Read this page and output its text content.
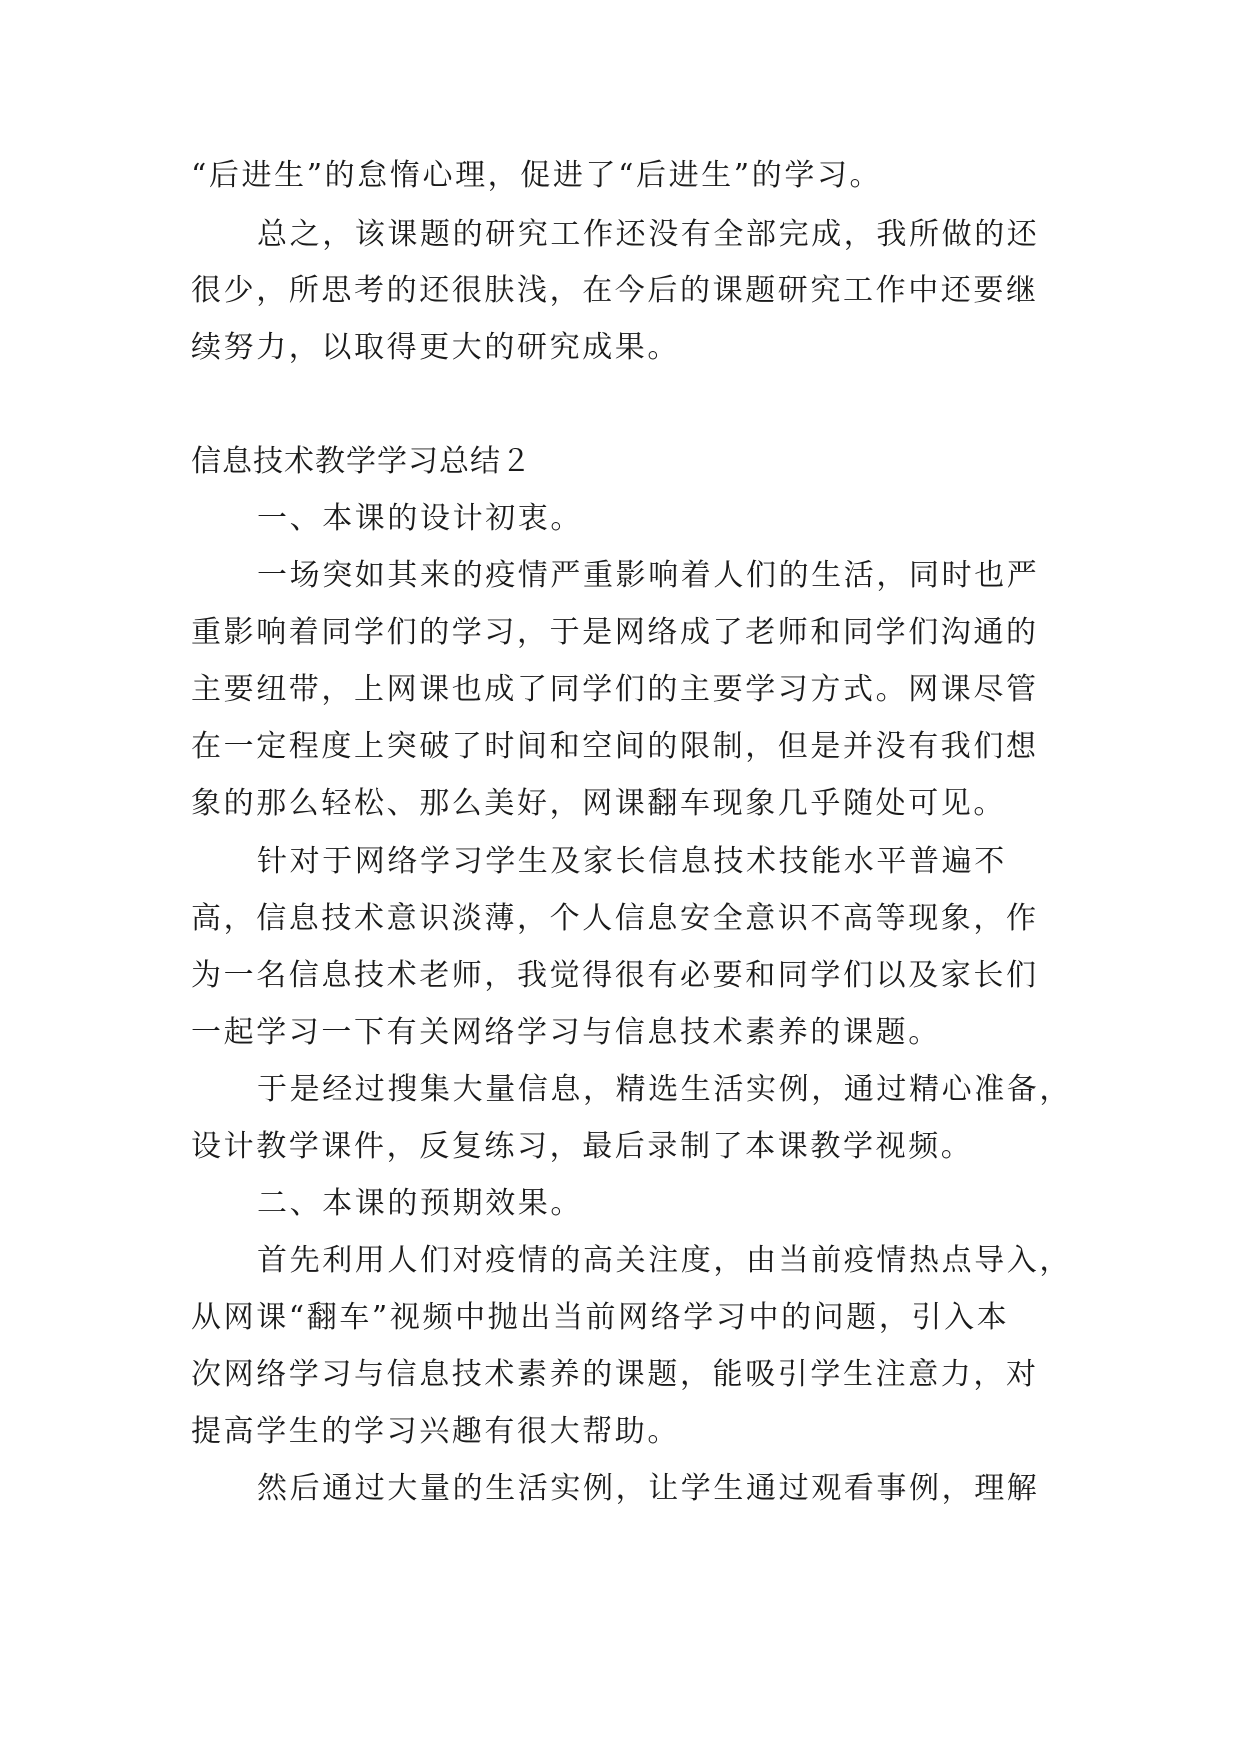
“后进生”的怠惰心理，促进了“后进生”的学习。
总之，该课题的研究工作还没有全部完成，我所做的还
很少，所思考的还很肤浅，在今后的课题研究工作中还要继
续努力，以取得更大的研究成果。
信息技术教学学习总结２
一、本课的设计初衷。
一场突如其来的疫情严重影响着人们的生活，同时也严
重影响着同学们的学习，于是网络成了老师和同学们沟通的
主要纽带，上网课也成了同学们的主要学习方式。网课尽管
在一定程度上突破了时间和空间的限制，但是并没有我们想
象的那么轻松、那么美好，网课翻车现象几乎随处可见。
针对于网络学习学生及家长信息技术技能水平普遍不
高，信息技术意识淡薄，个人信息安全意识不高等现象，作
为一名信息技术老师，我觉得很有必要和同学们以及家长们
一起学习一下有关网络学习与信息技术素养的课题。
于是经过搜集大量信息，精选生活实例，通过精心准备，
设计教学课件，反复练习，最后录制了本课教学视频。
二、本课的预期效果。
首先利用人们对疫情的高关注度，由当前疫情热点导入，
从网课“翻车”视频中抛出当前网络学习中的问题，引入本
次网络学习与信息技术素养的课题，能吸引学生注意力，对
提高学生的学习兴趣有很大帮助。
然后通过大量的生活实例，让学生通过观看事例，理解
